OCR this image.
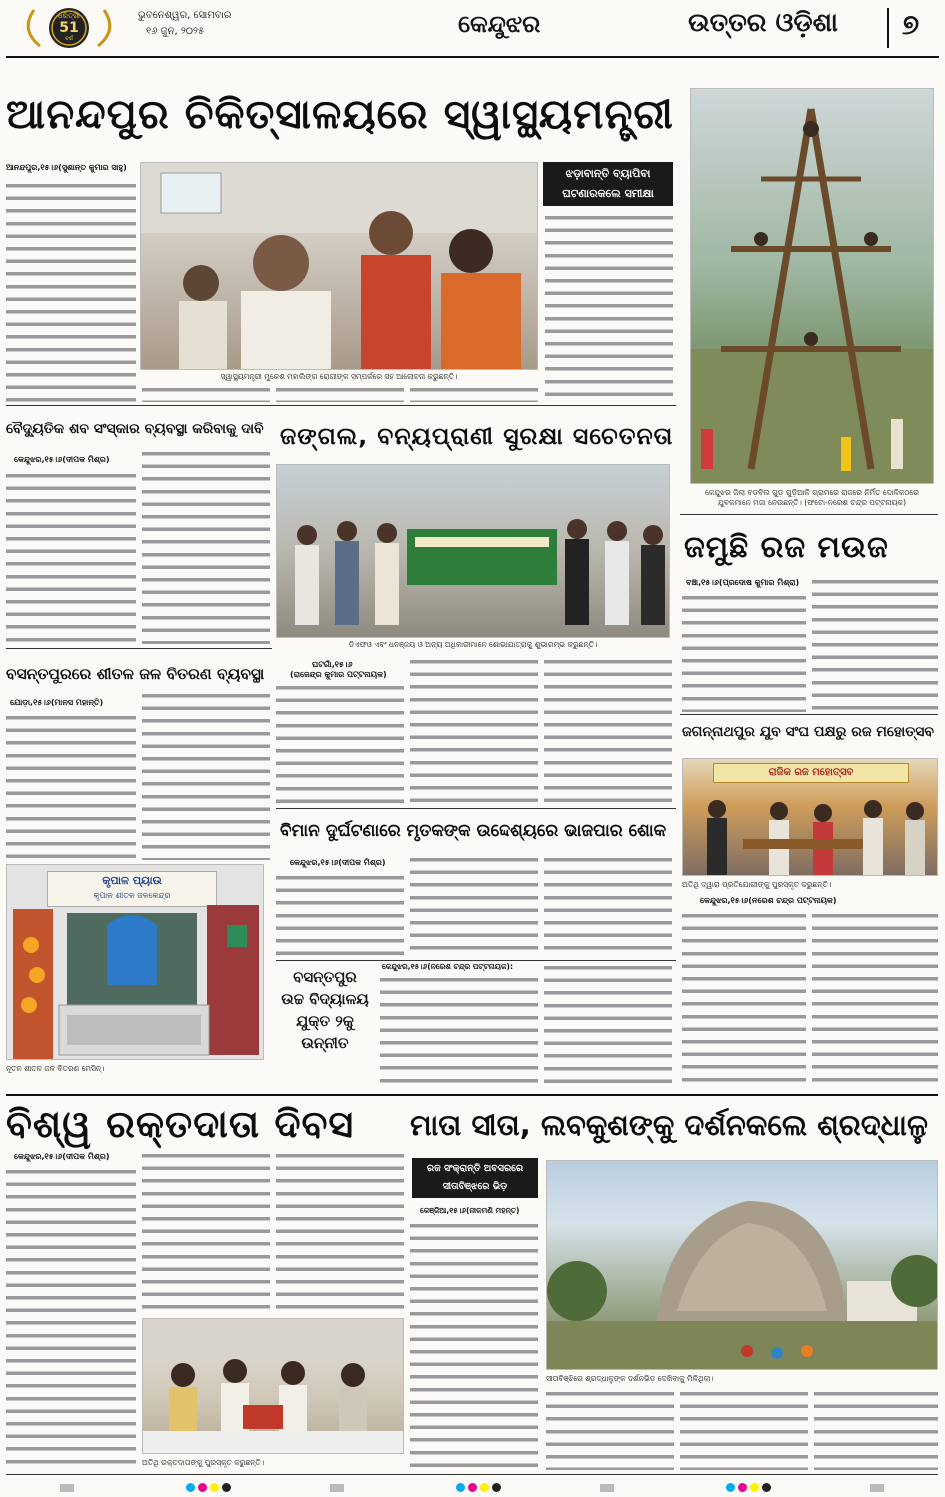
ଧରିତ୍ରୀ
51
ବର୍ଷ
ଭୁବନେଶ୍ୱର, ସୋମବାର
୧୬ ଜୁନ, ୨୦୨୫	କେନ୍ଦୁଝର	ଉତ୍ତର ଓଡ଼ିଶା ୭
ଆନନ୍ଦପୁର ଚିକିତ୍ସାଳୟରେ ସ୍ୱାସ୍ଥ୍ୟମନ୍ତ୍ରୀ
ଆନନ୍ଦପୁର,୧୫।୬(ସୁଶାନ୍ତ କୁମାର ସାହୁ)
ସ୍ୱାସ୍ଥ୍ୟମନ୍ତ୍ରୀ ମୁକେଶ ମହାଲିଙ୍ଗ ରୋଗୀଙ୍କ ସମ୍ପର୍କରେ ସହ ଆଲୋଚନା କରୁଛନ୍ତି।
ଝଡ଼ାବାନ୍ତି ବ୍ୟାପିବା
ଘଟଣାରକଲେ ସମୀକ୍ଷା
କେନ୍ଦୁଝର ଜିଲା ବଡ଼ବିଲ ଗୁଡ଼ ଗୁଡ଼ିଆଳି ଗ୍ରାମରେ ରାଜରେ ନିର୍ମିତ ଦୋଳିକଠରେ ଯୁବକମାନେ ମଜା ନେଉଛନ୍ତି। (ଫଟୋ-ନରେଶ ଚନ୍ଦ୍ର ପଟ୍ଟନାୟକ)
ବୈଦ୍ୟୁତିକ ଶବ ସଂସ୍କାର ବ୍ୟବସ୍ଥା କରିବାକୁ ଦାବି
କେନ୍ଦୁଝର,୧୫।୬(ଦୀପକ ମିଶ୍ର)
ଜଙ୍ଗଲ, ବନ୍ୟପ୍ରାଣୀ ସୁରକ୍ଷା ସଚେତନତା
ଡିଏଫଓ ଏବଂ ଧନଞ୍ଜୟ ଓ ଅନ୍ୟ ଅଧିକାରୀମାନେ ଶୋଭାଯାତ୍ରାକୁ ଶୁଭାରମ୍ଭ କରୁଛନ୍ତି।
ଘଟଗାଁ,୧୫।୬
(ରାଜେନ୍ଦ୍ର କୁମାର ପଟ୍ଟନାୟକ)
ଜମୁଛି ରଜ ମଉଜ
ବଞ୍ଚା,୧୫।୬(ପ୍ରଦୋଷ କୁମାର ମିଶ୍ରା)
ବସନ୍ତପୁରରେ ଶୀତଳ ଜଳ ବିତରଣ ବ୍ୟବସ୍ଥା
ଯୋଡ଼ା,୧୫।୬(ମାନସ ମହାନ୍ତି)
କୃପାଳ ପ୍ୟାଉ
କୃପାଳ ଶୀତଳ ଜଳକେନ୍ଦ୍ର
ନୂତନ ଶୀତଳ ଜଳ ବିତରଣ ମେସିନ୍।
ଜଗନ୍ନାଥପୁର ଯୁବ ସଂଘ ପକ୍ଷରୁ ରଜ ମହୋତ୍ସବ
ରାଜିକ ରଜ ମହୋତ୍ସବ
ଅତିଥି ଦ୍ୱାରା ପ୍ରତିଯୋଗୀଙ୍କୁ ପୁରସ୍କୃତ କରୁଛନ୍ତି।
କେନ୍ଦୁଝର,୧୫।୬(ନରେଶ ଚନ୍ଦ୍ର ପଟ୍ଟନାୟକ)
ବିମାନ ଦୁର୍ଘଟଣାରେ ମୃତକଙ୍କ ଉଦ୍ଦେଶ୍ୟରେ ଭାଜପାର ଶୋକ
କେନ୍ଦୁଝର,୧୫।୬(ଦୀପକ ମିଶ୍ର)
ବସନ୍ତପୁର
ଉଚ୍ଚ ବିଦ୍ୟାଳୟ
ଯୁକ୍ତ ୨କୁ
ଉନ୍ନୀତ
କେନ୍ଦୁଝର,୧୫।୬(ନରେଶ ଚନ୍ଦ୍ର ପଟ୍ଟନାୟକ):
ବିଶ୍ୱ ରକ୍ତଦାତା ଦିବସ
କେନ୍ଦୁଝର,୧୫।୬(ଦୀପକ ମିଶ୍ର)
ଅତିଥି ରକ୍ତଦାତାଙ୍କୁ ପୁରସ୍କୃତ କରୁଛନ୍ତି।
ମାତା ସୀତା, ଲବକୁଶଙ୍କୁ ଦର୍ଶନକଲେ ଶ୍ରଦ୍ଧାଳୁ
ରଜ ସଂକ୍ରାନ୍ତି ଅବସରରେ
ସୀତାବିଞ୍ଝରେ ଭିଡ଼
କେଞ୍ଜିଆ,୧୫।୬(ନୀଳମଣି ମହନ୍ତ)
ସୀତାବିଞ୍ଝିରେ ଶ୍ରଦ୍ଧାଳୁଙ୍କ ଦର୍ଶନଭିଡ଼ ଦେଖିବାକୁ ମିଳିଥିଲା।
